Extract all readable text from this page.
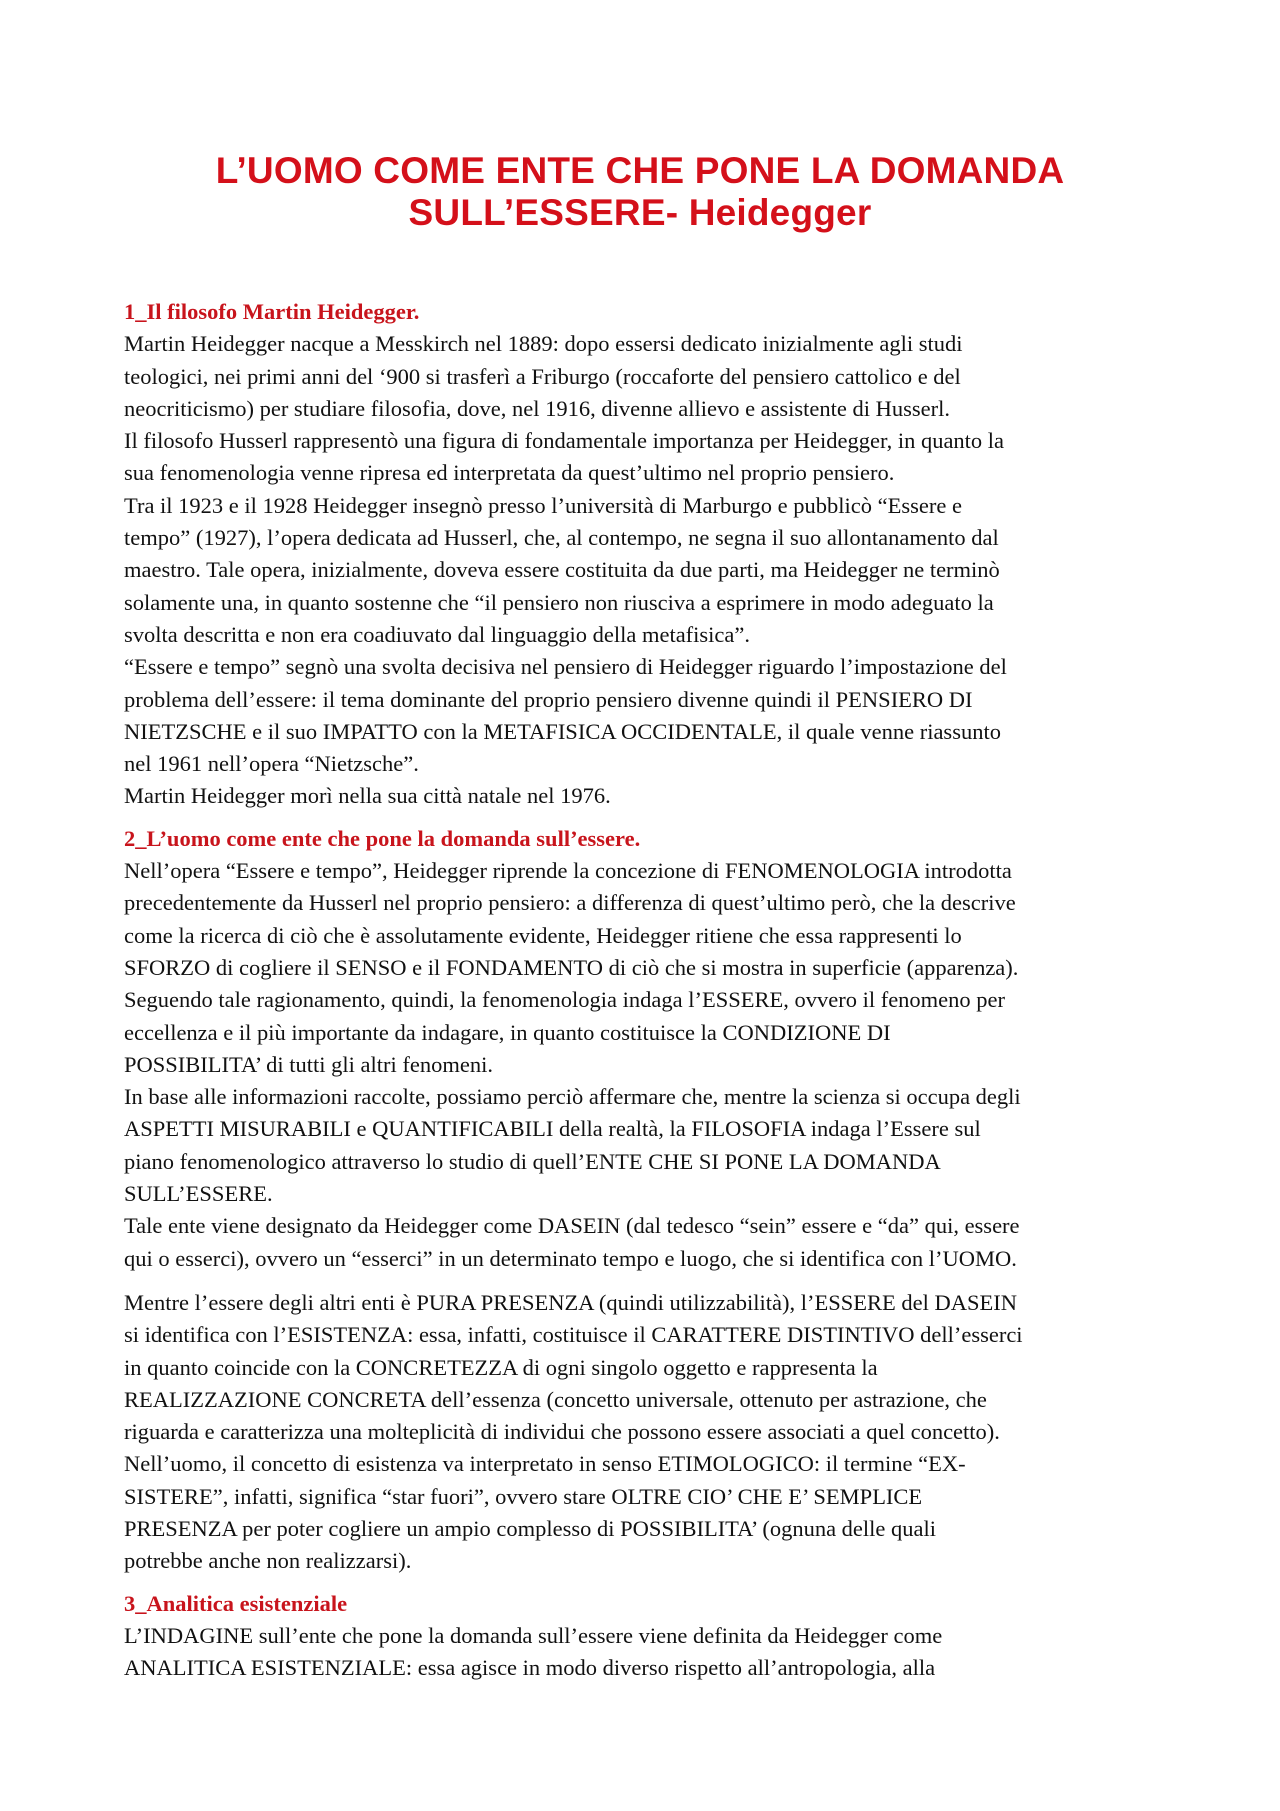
L’UOMO COME ENTE CHE PONE LA DOMANDA
SULL’ESSERE- Heidegger

1_Il filosofo Martin Heidegger.

Martin Heidegger nacque a Messkirch nel 1889: dopo essersi dedicato inizialmente agli studi

teologici, nei primi anni del ‘900 si trasferì a Friburgo (roccaforte del pensiero cattolico e del

neocriticismo) per studiare filosofia, dove, nel 1916, divenne allievo e assistente di Husserl.

Il filosofo Husserl rappresentò una figura di fondamentale importanza per Heidegger, in quanto la

sua fenomenologia venne ripresa ed interpretata da quest’ultimo nel proprio pensiero.

Tra il 1923 e il 1928 Heidegger insegnò presso l’università di Marburgo e pubblicò “Essere e

tempo” (1927), l’opera dedicata ad Husserl, che, al contempo, ne segna il suo allontanamento dal

maestro. Tale opera, inizialmente, doveva essere costituita da due parti, ma Heidegger ne terminò

solamente una, in quanto sostenne che “il pensiero non riusciva a esprimere in modo adeguato la

svolta descritta e non era coadiuvato dal linguaggio della metafisica”.

“Essere e tempo” segnò una svolta decisiva nel pensiero di Heidegger riguardo l’impostazione del

problema dell’essere: il tema dominante del proprio pensiero divenne quindi il PENSIERO DI

NIETZSCHE e il suo IMPATTO con la METAFISICA OCCIDENTALE, il quale venne riassunto

nel 1961 nell’opera “Nietzsche”.

Martin Heidegger morì nella sua città natale nel 1976.

2_L’uomo come ente che pone la domanda sull’essere.

Nell’opera “Essere e tempo”, Heidegger riprende la concezione di FENOMENOLOGIA introdotta

precedentemente da Husserl nel proprio pensiero: a differenza di quest’ultimo però, che la descrive

come la ricerca di ciò che è assolutamente evidente, Heidegger ritiene che essa rappresenti lo

SFORZO di cogliere il SENSO e il FONDAMENTO di ciò che si mostra in superficie (apparenza).

Seguendo tale ragionamento, quindi, la fenomenologia indaga l’ESSERE, ovvero il fenomeno per

eccellenza e il più importante da indagare, in quanto costituisce la CONDIZIONE DI

POSSIBILITA’ di tutti gli altri fenomeni.

In base alle informazioni raccolte, possiamo perciò affermare che, mentre la scienza si occupa degli

ASPETTI MISURABILI e QUANTIFICABILI della realtà, la FILOSOFIA indaga l’Essere sul

piano fenomenologico attraverso lo studio di quell’ENTE CHE SI PONE LA DOMANDA

SULL’ESSERE.

Tale ente viene designato da Heidegger come DASEIN (dal tedesco “sein” essere e “da” qui, essere

qui o esserci), ovvero un “esserci” in un determinato tempo e luogo, che si identifica con l’UOMO.

Mentre l’essere degli altri enti è PURA PRESENZA (quindi utilizzabilità), l’ESSERE del DASEIN

si identifica con l’ESISTENZA: essa, infatti, costituisce il CARATTERE DISTINTIVO dell’esserci

in quanto coincide con la CONCRETEZZA di ogni singolo oggetto e rappresenta la

REALIZZAZIONE CONCRETA dell’essenza (concetto universale, ottenuto per astrazione, che

riguarda e caratterizza una molteplicità di individui che possono essere associati a quel concetto).

Nell’uomo, il concetto di esistenza va interpretato in senso ETIMOLOGICO: il termine “EX-

SISTERE”, infatti, significa “star fuori”, ovvero stare OLTRE CIO’ CHE E’ SEMPLICE

PRESENZA per poter cogliere un ampio complesso di POSSIBILITA’ (ognuna delle quali

potrebbe anche non realizzarsi).

3_Analitica esistenziale

L’INDAGINE sull’ente che pone la domanda sull’essere viene definita da Heidegger come

ANALITICA ESISTENZIALE: essa agisce in modo diverso rispetto all’antropologia, alla
